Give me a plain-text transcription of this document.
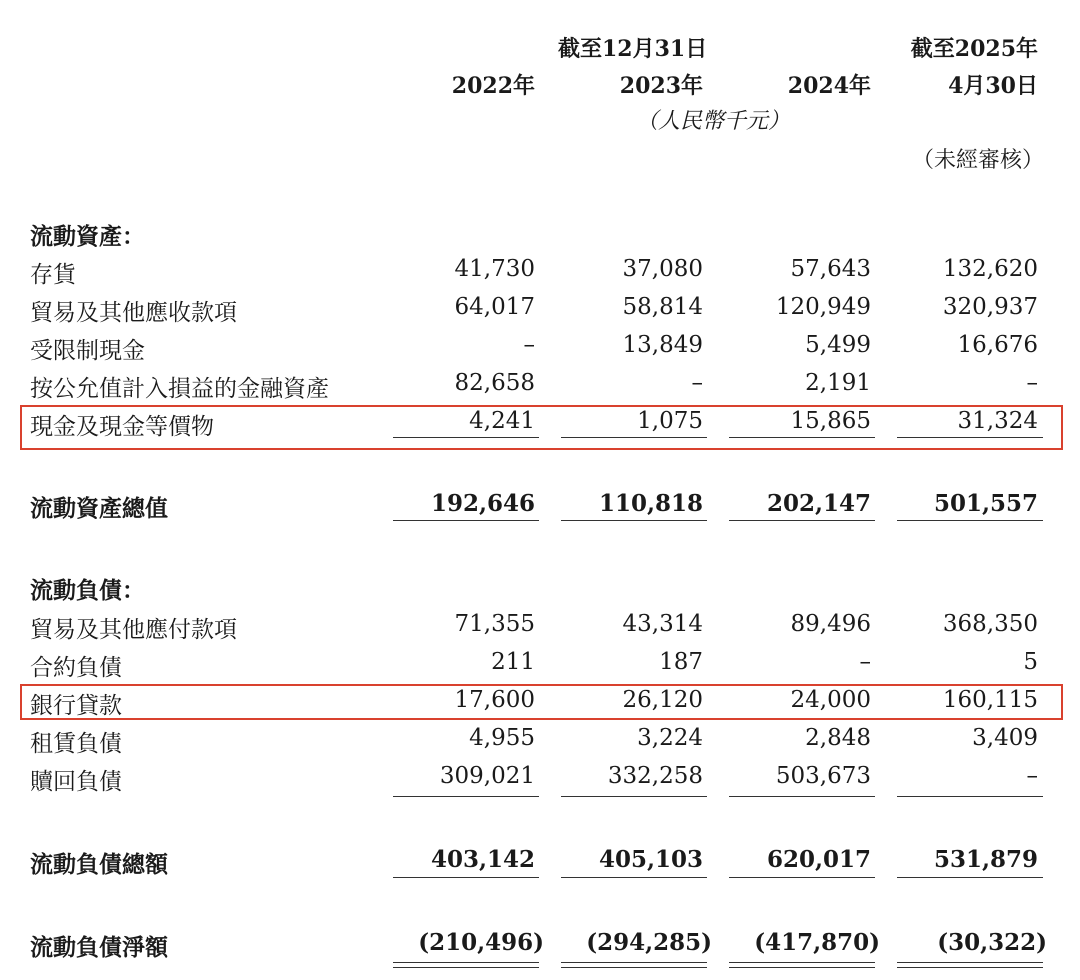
截至12月31日	截至2025年
2022年	2023年	2024年	4月30日
（人民幣千元）
（未經審核）
流動資產：
存貨	41,730	37,080	57,643	132,620
貿易及其他應收款項	64,017	58,814	120,949	320,937
受限制現金	–	13,849	5,499	16,676
按公允值計入損益的金融資產	82,658	–	2,191	–
現金及現金等價物	4,241	1,075	15,865	31,324
流動資產總值	192,646	110,818	202,147	501,557
流動負債：
貿易及其他應付款項	71,355	43,314	89,496	368,350
合約負債	211	187	–	5
銀行貸款	17,600	26,120	24,000	160,115
租賃負債	4,955	3,224	2,848	3,409
贖回負債	309,021	332,258	503,673	–
流動負債總額	403,142	405,103	620,017	531,879
流動負債淨額	(210,496) (294,285) (417,870) (30,322)
